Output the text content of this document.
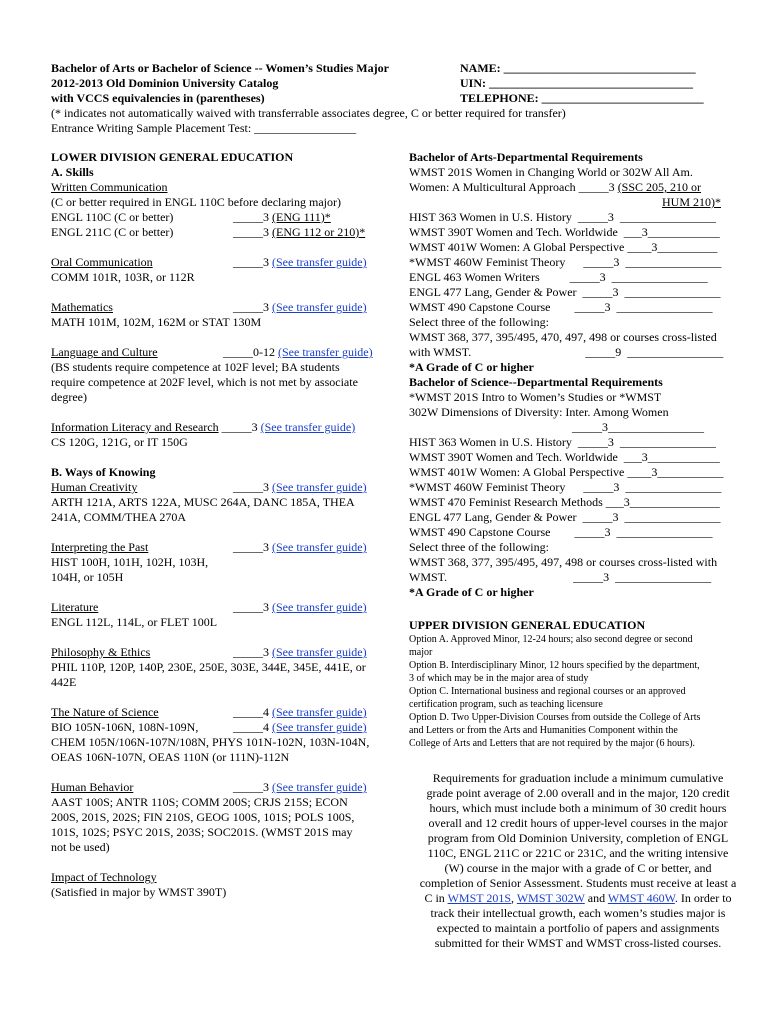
Bachelor of Arts or Bachelor of Science -- Women’s Studies Major
2012-2013 Old Dominion University Catalog
with VCCS equivalencies in (parentheses)
(* indicates not automatically waived with transferrable associates degree, C or better required for transfer)
Entrance Writing Sample Placement Test: _________________
NAME: ________________________________
UIN: __________________________________
TELEPHONE: ___________________________
LOWER DIVISION GENERAL EDUCATION
A. Skills
Written Communication
(C or better required in ENGL 110C before declaring major)
ENGL 110C (C or better)	_____3 (ENG 111)*
ENGL 211C (C or better)	_____3 (ENG 112 or 210)*
Oral Communication	_____3 (See transfer guide)
COMM 101R, 103R, or 112R
Mathematics	_____3 (See transfer guide)
MATH 101M, 102M, 162M or STAT 130M
Language and Culture	_____0-12 (See transfer guide)
(BS students require competence at 102F level; BA students
require competence at 202F level, which is not met by associate
degree)
Information Literacy and Research _____3 (See transfer guide)
CS 120G, 121G, or IT 150G
B. Ways of Knowing
Human Creativity	_____3 (See transfer guide)
ARTH 121A, ARTS 122A, MUSC 264A, DANC 185A, THEA
241A, COMM/THEA 270A
Interpreting the Past	_____3 (See transfer guide)
HIST 100H, 101H, 102H, 103H,
104H, or 105H
Literature	_____3 (See transfer guide)
ENGL 112L, 114L, or FLET 100L
Philosophy & Ethics	_____3 (See transfer guide)
PHIL 110P, 120P, 140P, 230E, 250E, 303E, 344E, 345E, 441E, or
442E
The Nature of Science	_____4 (See transfer guide)
BIO 105N-106N, 108N-109N,	_____4 (See transfer guide)
CHEM 105N/106N-107N/108N, PHYS 101N-102N, 103N-104N,
OEAS 106N-107N, OEAS 110N (or 111N)-112N
Human Behavior	_____3 (See transfer guide)
AAST 100S; ANTR 110S; COMM 200S; CRJS 215S; ECON
200S, 201S, 202S; FIN 210S, GEOG 100S, 101S; POLS 100S,
101S, 102S; PSYC 201S, 203S; SOC201S. (WMST 201S may
not be used)
Impact of Technology
(Satisfied in major by WMST 390T)
Bachelor of Arts-Departmental Requirements
WMST 201S Women in Changing World or 302W All Am.
Women: A Multicultural Approach _____3 (SSC 205, 210 or
HUM 210)*
HIST 363 Women in U.S. History  _____3  ________________
WMST 390T Women and Tech. Worldwide  ___3____________
WMST 401W Women: A Global Perspective ____3__________
*WMST 460W Feminist Theory      _____3  ________________
ENGL 463 Women Writers          _____3  ________________
ENGL 477 Lang, Gender & Power  _____3  ________________
WMST 490 Capstone Course        _____3  ________________
Select three of the following:
WMST 368, 377, 395/495, 470, 497, 498 or courses cross-listed
with WMST.                                      _____9  ________________
*A Grade of C or higher
Bachelor of Science--Departmental Requirements
*WMST 201S Intro to Women’s Studies or *WMST
302W Dimensions of Diversity: Inter. Among Women
_____3________________
HIST 363 Women in U.S. History  _____3  ________________
WMST 390T Women and Tech. Worldwide  ___3____________
WMST 401W Women: A Global Perspective ____3___________
*WMST 460W Feminist Theory      _____3  ________________
WMST 470 Feminist Research Methods ___3_______________
ENGL 477 Lang, Gender & Power  _____3  ________________
WMST 490 Capstone Course        _____3  ________________
Select three of the following:
WMST 368, 377, 395/495, 497, 498 or courses cross-listed with
WMST.                                          _____3  ________________
*A Grade of C or higher
UPPER DIVISION GENERAL EDUCATION
Option A. Approved Minor, 12-24 hours; also second degree or second
major
Option B. Interdisciplinary Minor, 12 hours specified by the department,
3 of which may be in the major area of study
Option C. International business and regional courses or an approved
certification program, such as teaching licensure
Option D. Two Upper-Division Courses from outside the College of Arts
and Letters or from the Arts and Humanities Component within the
College of Arts and Letters that are not required by the major (6 hours).
Requirements for graduation include a minimum cumulative
grade point average of 2.00 overall and in the major, 120 credit
hours, which must include both a minimum of 30 credit hours
overall and 12 credit hours of upper-level courses in the major
program from Old Dominion University, completion of ENGL
110C, ENGL 211C or 221C or 231C, and the writing intensive
(W) course in the major with a grade of C or better, and
completion of Senior Assessment. Students must receive at least a
C in WMST 201S, WMST 302W and WMST 460W. In order to
track their intellectual growth, each women’s studies major is
expected to maintain a portfolio of papers and assignments
submitted for their WMST and WMST cross-listed courses.
